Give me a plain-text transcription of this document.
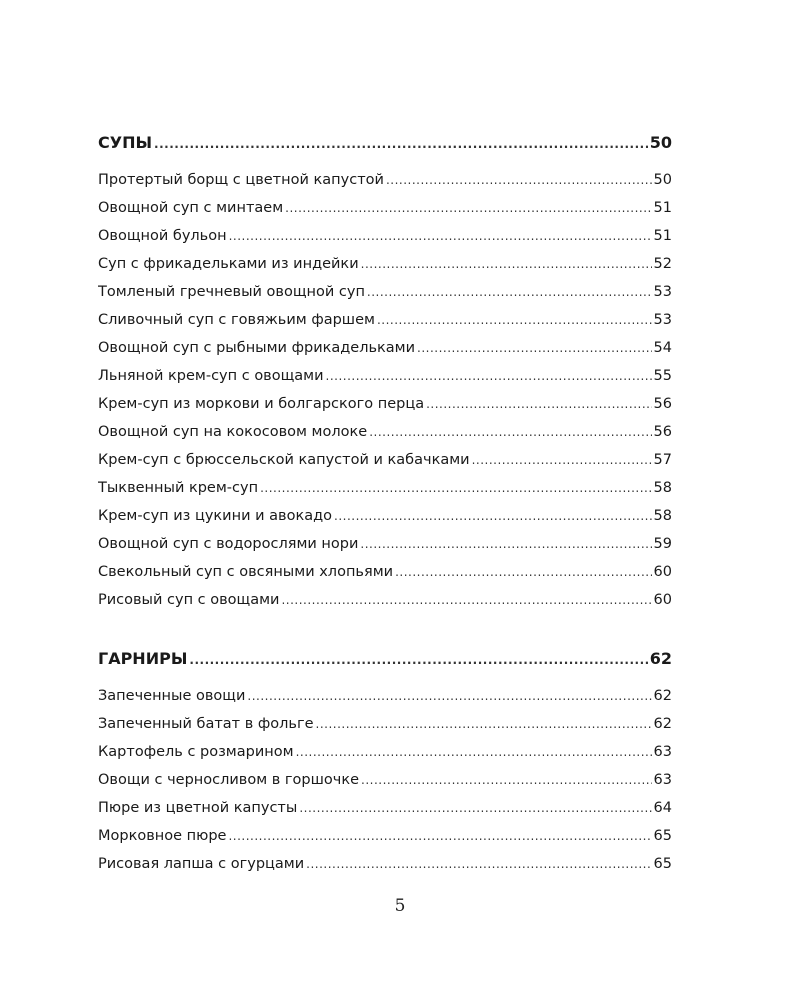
СУПЫ .....	50
Протертый борщ с цветной капустой .....	50
Овощной суп с минтаем .....	51
Овощной бульон .....	51
Суп с фрикадельками из индейки .....	52
Томленый гречневый овощной суп .....	53
Сливочный суп с говяжьим фаршем .....	53
Овощной суп с рыбными фрикадельками .....	54
Льняной крем-суп с овощами .....	55
Крем-суп из моркови и болгарского перца .....	56
Овощной суп на кокосовом молоке .....	56
Крем-суп с брюссельской капустой и кабачками .....	57
Тыквенный крем-суп .....	58
Крем-суп из цукини и авокадо .....	58
Овощной суп с водорослями нори .....	59
Свекольный суп с овсяными хлопьями .....	60
Рисовый суп с овощами .....	60
ГАРНИРЫ .....	62
Запеченные овощи .....	62
Запеченный батат в фольге .....	62
Картофель с розмарином .....	63
Овощи с черносливом в горшочке .....	63
Пюре из цветной капусты .....	64
Морковное пюре .....	65
Рисовая лапша с огурцами .....	65
5
